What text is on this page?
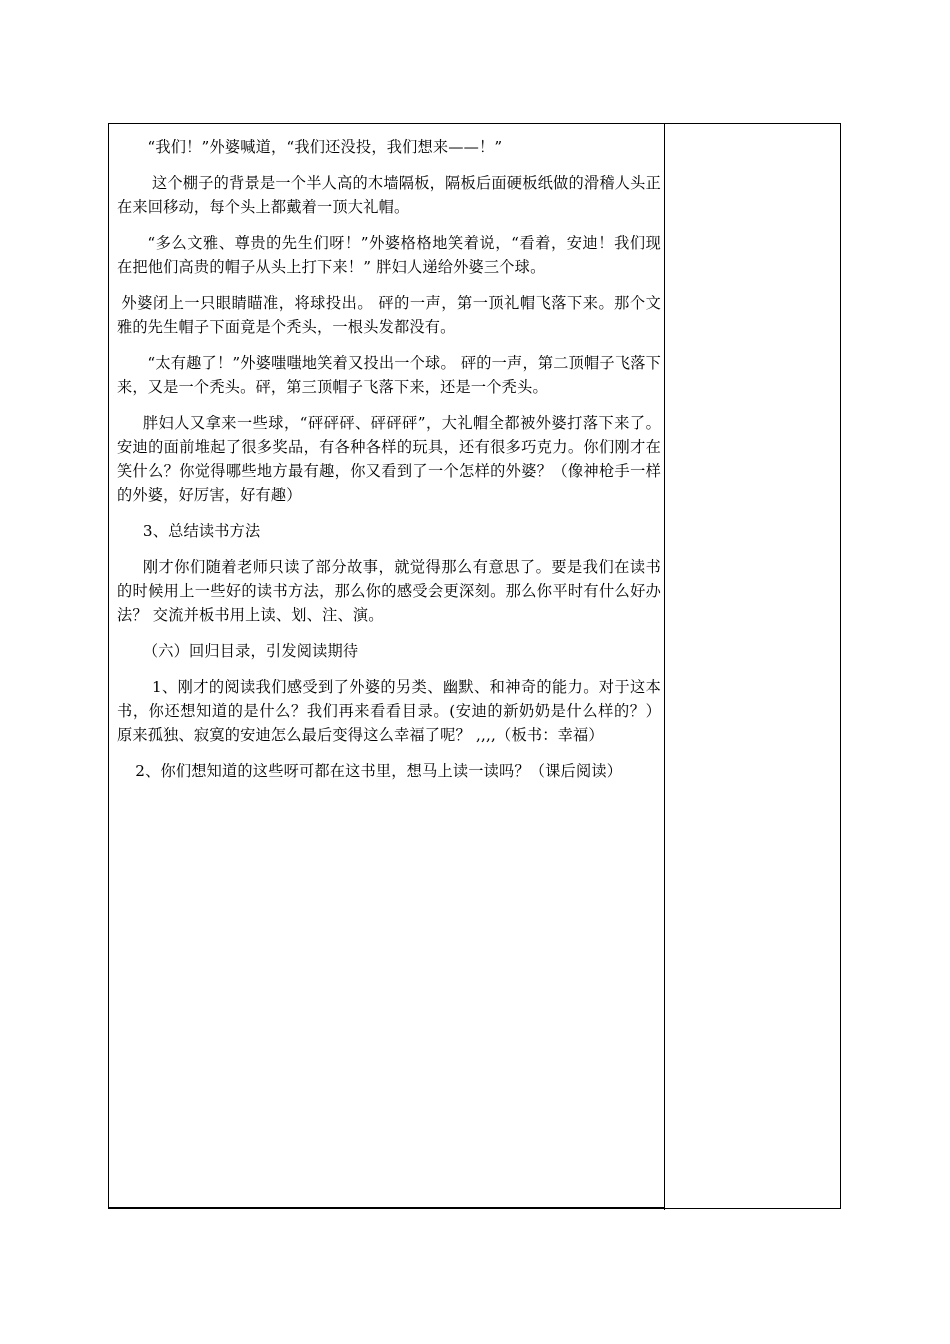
“我们！”外婆喊道，“我们还没投，我们想来——！”

这个棚子的背景是一个半人高的木墙隔板，隔板后面硬板纸做的滑稽人头正在来回移动，每个头上都戴着一顶大礼帽。

“多么文雅、尊贵的先生们呀！”外婆格格地笑着说，“看着，安迪！我们现在把他们高贵的帽子从头上打下来！” 胖妇人递给外婆三个球。

外婆闭上一只眼睛瞄准，将球投出。 砰的一声，第一顶礼帽飞落下来。那个文雅的先生帽子下面竟是个秃头，一根头发都没有。

“太有趣了！”外婆嗤嗤地笑着又投出一个球。 砰的一声，第二顶帽子飞落下来，又是一个秃头。砰，第三顶帽子飞落下来，还是一个秃头。

胖妇人又拿来一些球，“砰砰砰、砰砰砰”，大礼帽全都被外婆打落下来了。安迪的面前堆起了很多奖品，有各种各样的玩具，还有很多巧克力。你们刚才在笑什么？你觉得哪些地方最有趣，你又看到了一个怎样的外婆？（像神枪手一样的外婆，好厉害，好有趣）

3、总结读书方法

刚才你们随着老师只读了部分故事，就觉得那么有意思了。要是我们在读书的时候用上一些好的读书方法，那么你的感受会更深刻。那么你平时有什么好办法？ 交流并板书用上读、划、注、演。

（六）回归目录，引发阅读期待

1、刚才的阅读我们感受到了外婆的另类、幽默、和神奇的能力。对于这本书，你还想知道的是什么？我们再来看看目录。(安迪的新奶奶是什么样的？） 原来孤独、寂寞的安迪怎么最后变得这么幸福了呢？ ,,,,（板书：幸福）

2、你们想知道的这些呀可都在这书里，想马上读一读吗？（课后阅读）
